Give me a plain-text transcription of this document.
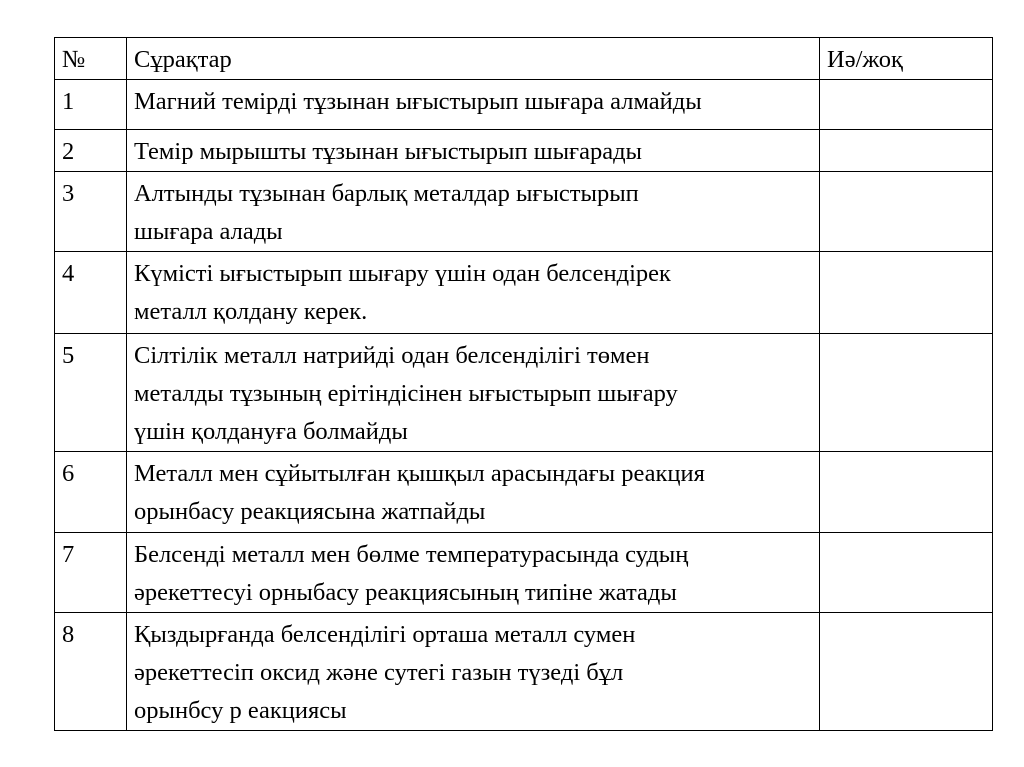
№	Сұрақтар	Иә/жоқ
1	Магний темірді тұзынан ығыстырып шығара алмайды	
2	Темір мырышты тұзынан ығыстырып шығарады	
3	Алтынды тұзынан барлық металдар ығыстырып
шығара алады	
4	Күмісті ығыстырып шығару үшін одан белсендірек
металл қолдану керек.	
5	Сілтілік металл натрийді одан белсенділігі төмен
металды тұзының ерітіндісінен ығыстырып шығару
үшін қолдануға болмайды	
6	Металл мен сұйытылған қышқыл арасындағы реакция
орынбасу реакциясына жатпайды	
7	Белсенді металл мен бөлме температурасында судың
әрекеттесуі орныбасу реакциясының типіне жатады	
8	Қыздырғанда белсенділігі орташа металл сумен
әрекеттесіп оксид және сутегі газын түзеді бұл
орынбсу р еакциясы	
